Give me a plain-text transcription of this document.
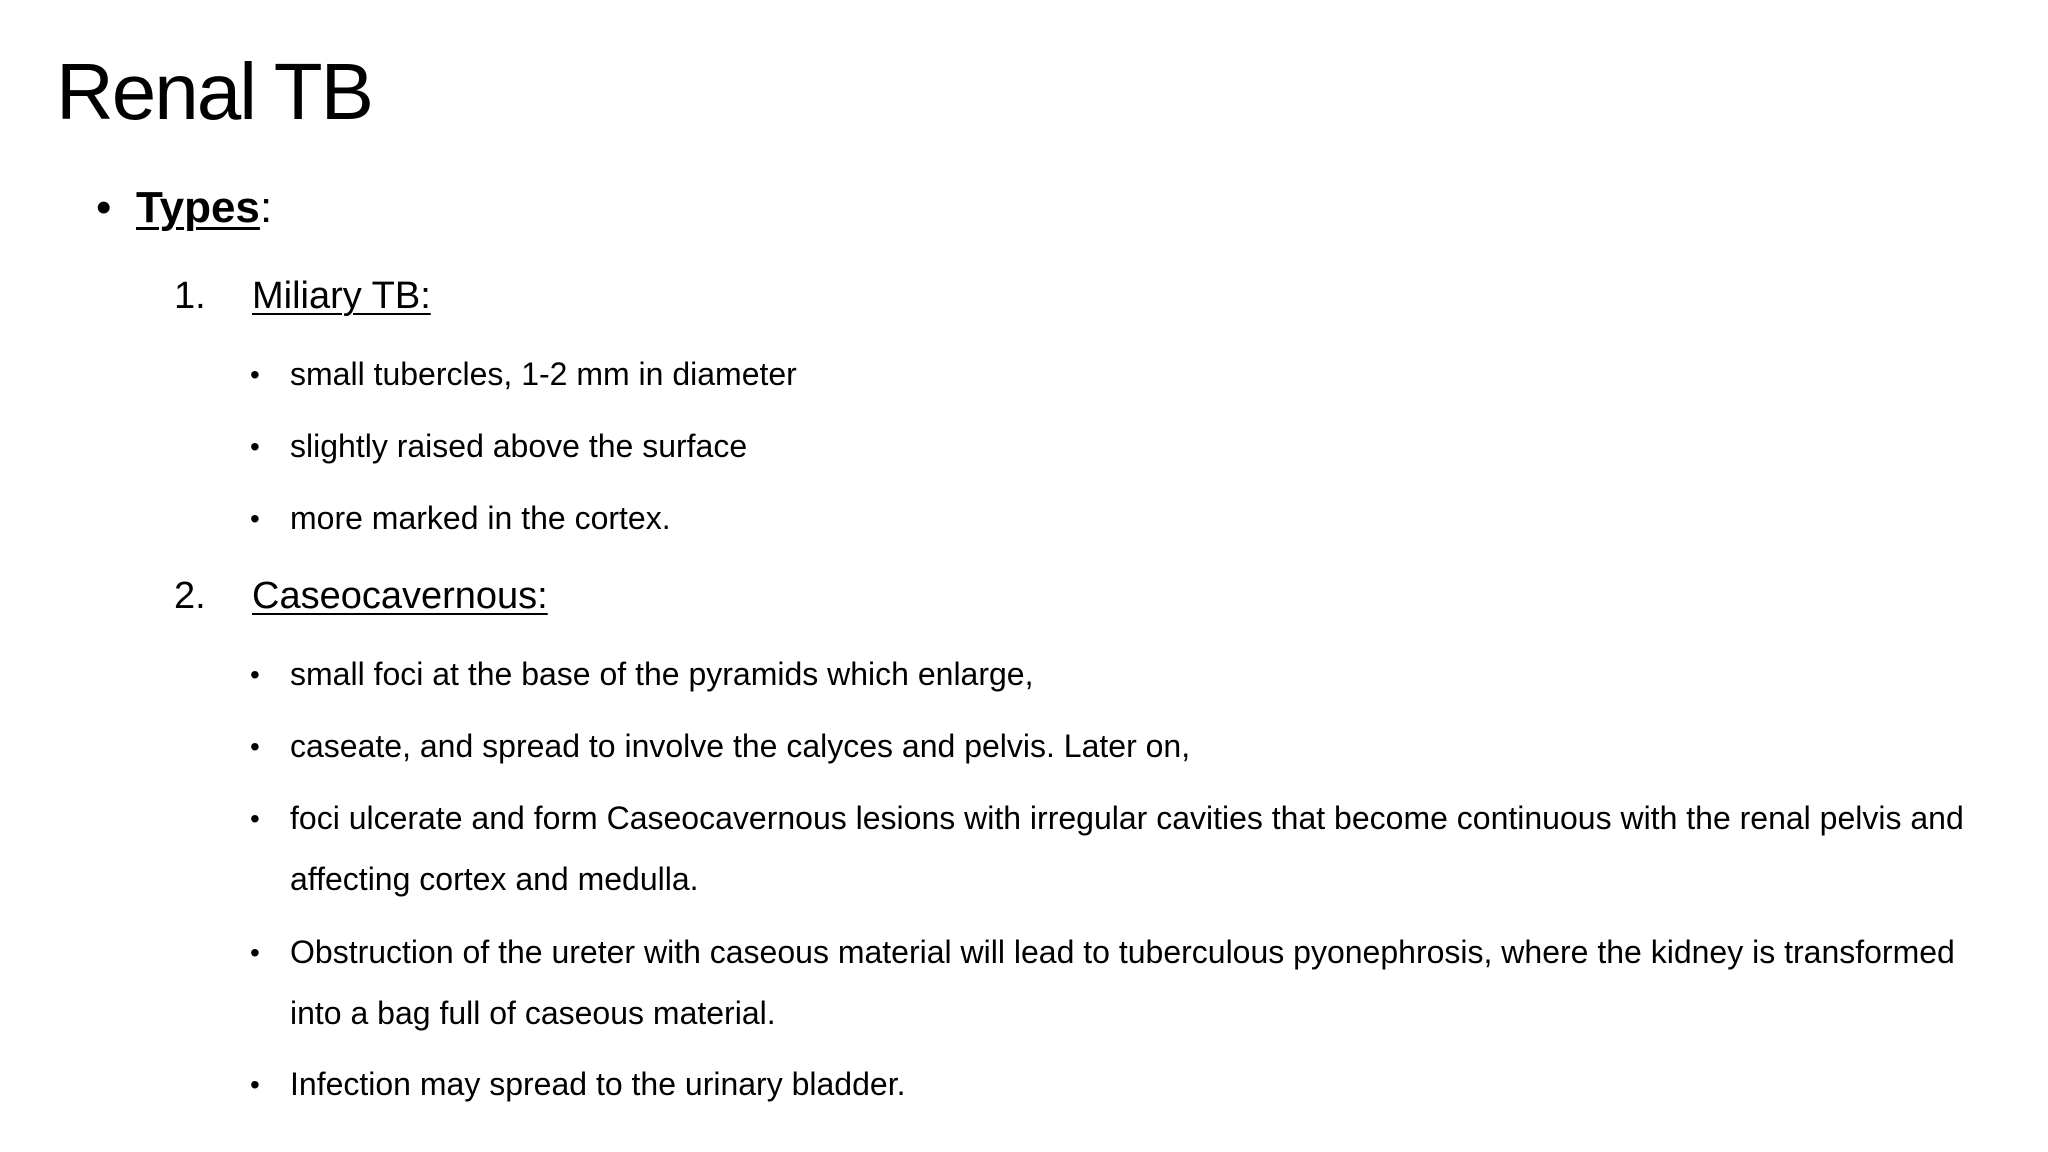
Renal TB
• Types :
1. Miliary TB:
• small tubercles, 1-2 mm in diameter
• slightly raised above the surface
• more marked in the cortex.
2. Caseocavernous:
• small foci at the base of the pyramids which enlarge,
• caseate, and spread to involve the calyces and pelvis. Later on,
• foci ulcerate and form Caseocavernous lesions with irregular cavities that become continuous with the renal pelvis and affecting cortex and medulla.
• Obstruction of the ureter with caseous material will lead to tuberculous pyonephrosis, where the kidney is transformed into a bag full of caseous material.
• Infection may spread to the urinary bladder.
